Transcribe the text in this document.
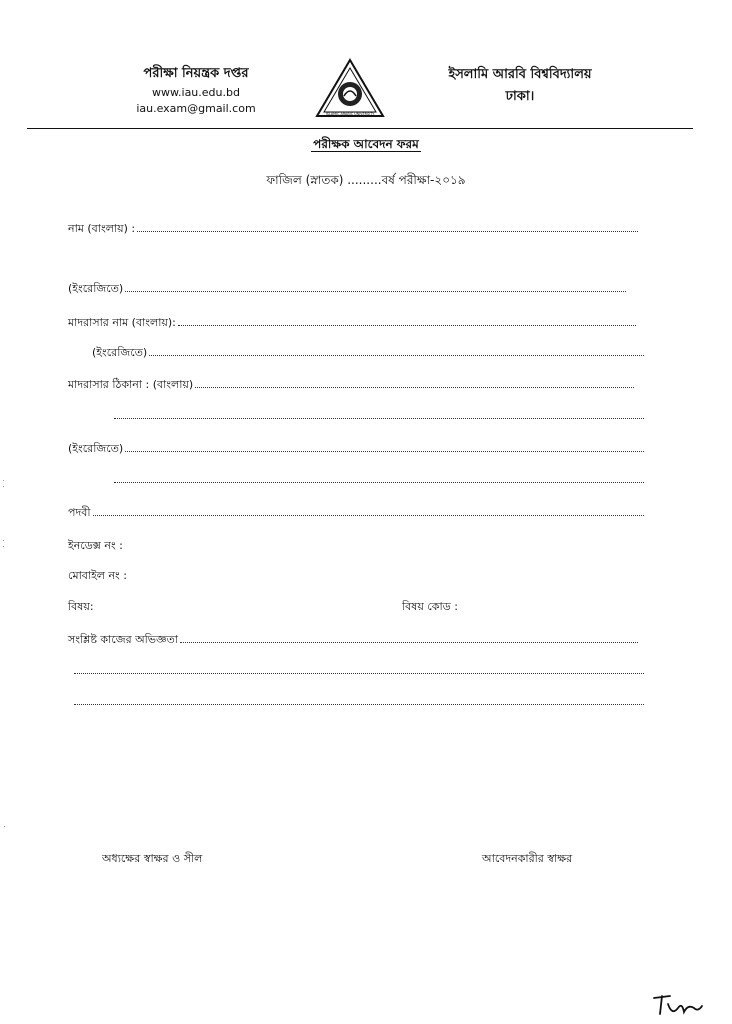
পরীক্ষা নিয়ন্ত্রক দপ্তর
www.iau.edu.bd
iau.exam@gmail.com	ISLAMIC ARABIC UNIVERSITY
ইসলামি আরবি বিশ্ববিদ্যালয়
ঢাকা।
পরীক্ষক আবেদন ফরম
ফাজিল (স্নাতক) .........বর্ষ পরীক্ষা-২০১৯
নাম (বাংলায়) :
(ইংরেজিতে)
মাদরাসার নাম (বাংলায়):
(ইংরেজিতে)
মাদরাসার ঠিকানা : (বাংলায়)
(ইংরেজিতে)
পদবী
ইনডেক্স নং :
মোবাইল নং :
বিষয়:	বিষয় কোড :
সংশ্লিষ্ট কাজের অভিজ্ঞতা
অধ্যক্ষের স্বাক্ষর ও সীল	আবেদনকারীর স্বাক্ষর
